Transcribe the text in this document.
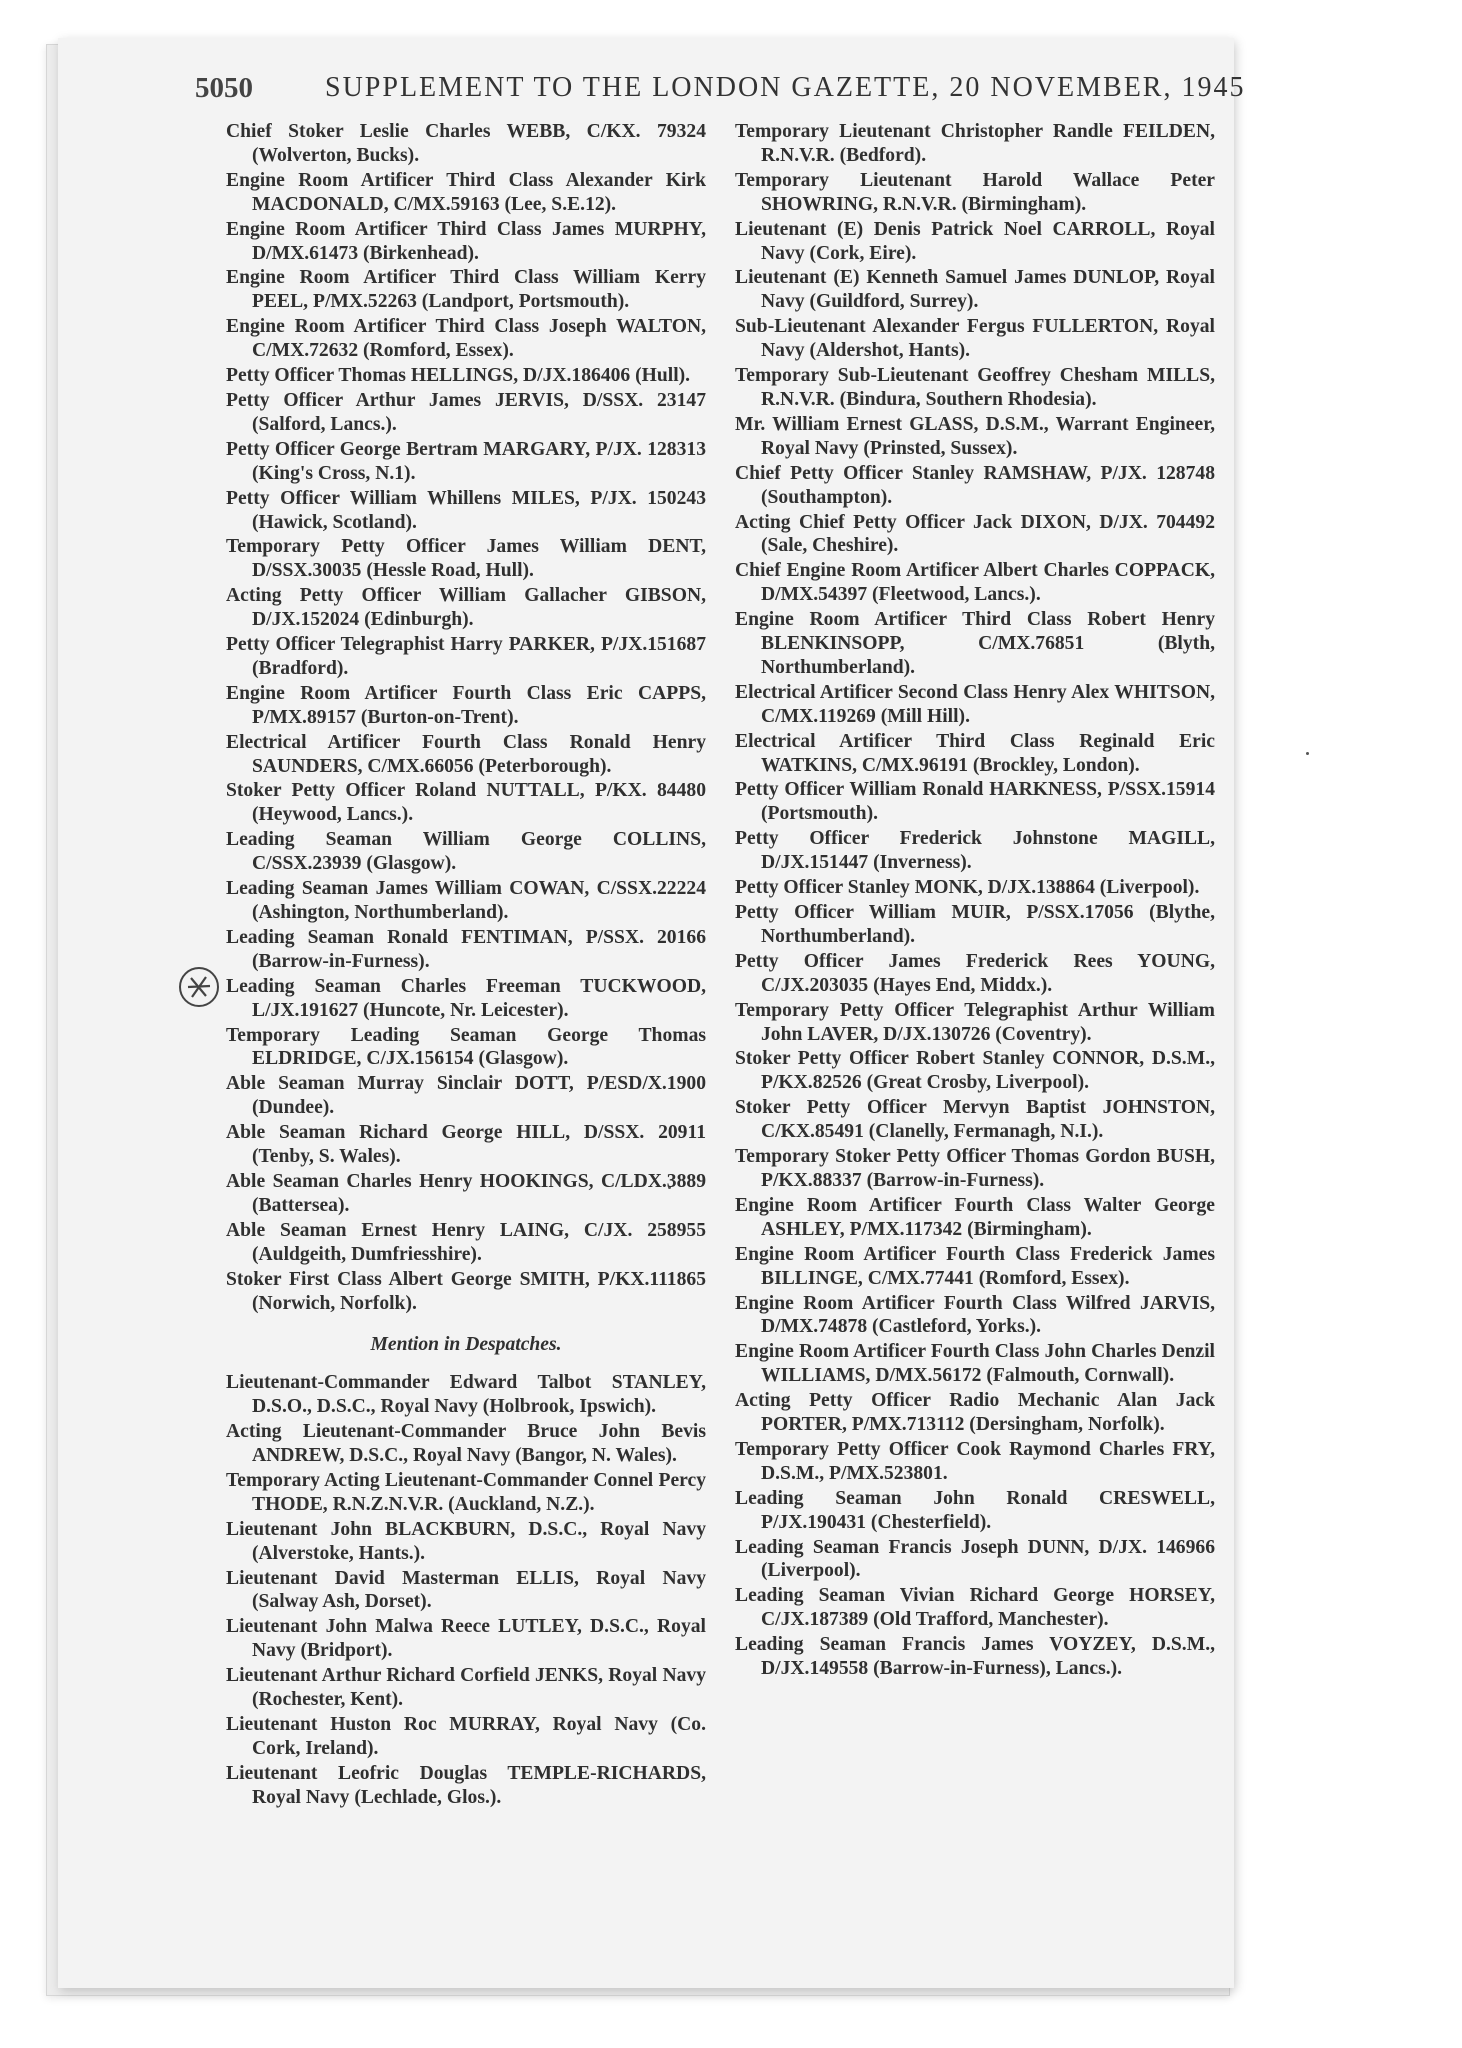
5050	SUPPLEMENT TO THE LONDON GAZETTE, 20 NOVEMBER, 1945

Chief Stoker Leslie Charles WEBB, C/KX. 79324 (Wolverton, Bucks).

Engine Room Artificer Third Class Alexander Kirk MACDONALD, C/MX.59163 (Lee, S.E.12).

Engine Room Artificer Third Class James MURPHY, D/MX.61473 (Birkenhead).

Engine Room Artificer Third Class William Kerry PEEL, P/MX.52263 (Landport, Portsmouth).

Engine Room Artificer Third Class Joseph WALTON, C/MX.72632 (Romford, Essex).

Petty Officer Thomas HELLINGS, D/JX.186406 (Hull).

Petty Officer Arthur James JERVIS, D/SSX. 23147 (Salford, Lancs.).

Petty Officer George Bertram MARGARY, P/JX. 128313 (King's Cross, N.1).

Petty Officer William Whillens MILES, P/JX. 150243 (Hawick, Scotland).

Temporary Petty Officer James William DENT, D/SSX.30035 (Hessle Road, Hull).

Acting Petty Officer William Gallacher GIBSON, D/JX.152024 (Edinburgh).

Petty Officer Telegraphist Harry PARKER, P/JX.151687 (Bradford).

Engine Room Artificer Fourth Class Eric CAPPS, P/MX.89157 (Burton-on-Trent).

Electrical Artificer Fourth Class Ronald Henry SAUNDERS, C/MX.66056 (Peterborough).

Stoker Petty Officer Roland NUTTALL, P/KX. 84480 (Heywood, Lancs.).

Leading Seaman William George COLLINS, C/SSX.23939 (Glasgow).

Leading Seaman James William COWAN, C/SSX.22224 (Ashington, Northumberland).

Leading Seaman Ronald FENTIMAN, P/SSX. 20166 (Barrow-in-Furness).

Leading Seaman Charles Freeman TUCKWOOD, L/JX.191627 (Huncote, Nr. Leicester).

Temporary Leading Seaman George Thomas ELDRIDGE, C/JX.156154 (Glasgow).

Able Seaman Murray Sinclair DOTT, P/ESD/X.1900 (Dundee).

Able Seaman Richard George HILL, D/SSX. 20911 (Tenby, S. Wales).

Able Seaman Charles Henry HOOKINGS, C/LDX.3889 (Battersea).

Able Seaman Ernest Henry LAING, C/JX. 258955 (Auldgeith, Dumfriesshire).

Stoker First Class Albert George SMITH, P/KX.111865 (Norwich, Norfolk).

Mention in Despatches.

Lieutenant-Commander Edward Talbot STANLEY, D.S.O., D.S.C., Royal Navy (Holbrook, Ipswich).

Acting Lieutenant-Commander Bruce John Bevis ANDREW, D.S.C., Royal Navy (Bangor, N. Wales).

Temporary Acting Lieutenant-Commander Connel Percy THODE, R.N.Z.N.V.R. (Auckland, N.Z.).

Lieutenant John BLACKBURN, D.S.C., Royal Navy (Alverstoke, Hants.).

Lieutenant David Masterman ELLIS, Royal Navy (Salway Ash, Dorset).

Lieutenant John Malwa Reece LUTLEY, D.S.C., Royal Navy (Bridport).

Lieutenant Arthur Richard Corfield JENKS, Royal Navy (Rochester, Kent).

Lieutenant Huston Roc MURRAY, Royal Navy (Co. Cork, Ireland).

Lieutenant Leofric Douglas TEMPLE-RICHARDS, Royal Navy (Lechlade, Glos.).

Temporary Lieutenant Christopher Randle FEILDEN, R.N.V.R. (Bedford).

Temporary Lieutenant Harold Wallace Peter SHOWRING, R.N.V.R. (Birmingham).

Lieutenant (E) Denis Patrick Noel CARROLL, Royal Navy (Cork, Eire).

Lieutenant (E) Kenneth Samuel James DUNLOP, Royal Navy (Guildford, Surrey).

Sub-Lieutenant Alexander Fergus FULLERTON, Royal Navy (Aldershot, Hants).

Temporary Sub-Lieutenant Geoffrey Chesham MILLS, R.N.V.R. (Bindura, Southern Rhodesia).

Mr. William Ernest GLASS, D.S.M., Warrant Engineer, Royal Navy (Prinsted, Sussex).

Chief Petty Officer Stanley RAMSHAW, P/JX. 128748 (Southampton).

Acting Chief Petty Officer Jack DIXON, D/JX. 704492 (Sale, Cheshire).

Chief Engine Room Artificer Albert Charles COPPACK, D/MX.54397 (Fleetwood, Lancs.).

Engine Room Artificer Third Class Robert Henry BLENKINSOPP, C/MX.76851 (Blyth, Northumberland).

Electrical Artificer Second Class Henry Alex WHITSON, C/MX.119269 (Mill Hill).

Electrical Artificer Third Class Reginald Eric WATKINS, C/MX.96191 (Brockley, London).

Petty Officer William Ronald HARKNESS, P/SSX.15914 (Portsmouth).

Petty Officer Frederick Johnstone MAGILL, D/JX.151447 (Inverness).

Petty Officer Stanley MONK, D/JX.138864 (Liverpool).

Petty Officer William MUIR, P/SSX.17056 (Blythe, Northumberland).

Petty Officer James Frederick Rees YOUNG, C/JX.203035 (Hayes End, Middx.).

Temporary Petty Officer Telegraphist Arthur William John LAVER, D/JX.130726 (Coventry).

Stoker Petty Officer Robert Stanley CONNOR, D.S.M., P/KX.82526 (Great Crosby, Liverpool).

Stoker Petty Officer Mervyn Baptist JOHNSTON, C/KX.85491 (Clanelly, Fermanagh, N.I.).

Temporary Stoker Petty Officer Thomas Gordon BUSH, P/KX.88337 (Barrow-in-Furness).

Engine Room Artificer Fourth Class Walter George ASHLEY, P/MX.117342 (Birmingham).

Engine Room Artificer Fourth Class Frederick James BILLINGE, C/MX.77441 (Romford, Essex).

Engine Room Artificer Fourth Class Wilfred JARVIS, D/MX.74878 (Castleford, Yorks.).

Engine Room Artificer Fourth Class John Charles Denzil WILLIAMS, D/MX.56172 (Falmouth, Cornwall).

Acting Petty Officer Radio Mechanic Alan Jack PORTER, P/MX.713112 (Dersingham, Norfolk).

Temporary Petty Officer Cook Raymond Charles FRY, D.S.M., P/MX.523801.

Leading Seaman John Ronald CRESWELL, P/JX.190431 (Chesterfield).

Leading Seaman Francis Joseph DUNN, D/JX. 146966 (Liverpool).

Leading Seaman Vivian Richard George HORSEY, C/JX.187389 (Old Trafford, Manchester).

Leading Seaman Francis James VOYZEY, D.S.M., D/JX.149558 (Barrow-in-Furness), Lancs.).
